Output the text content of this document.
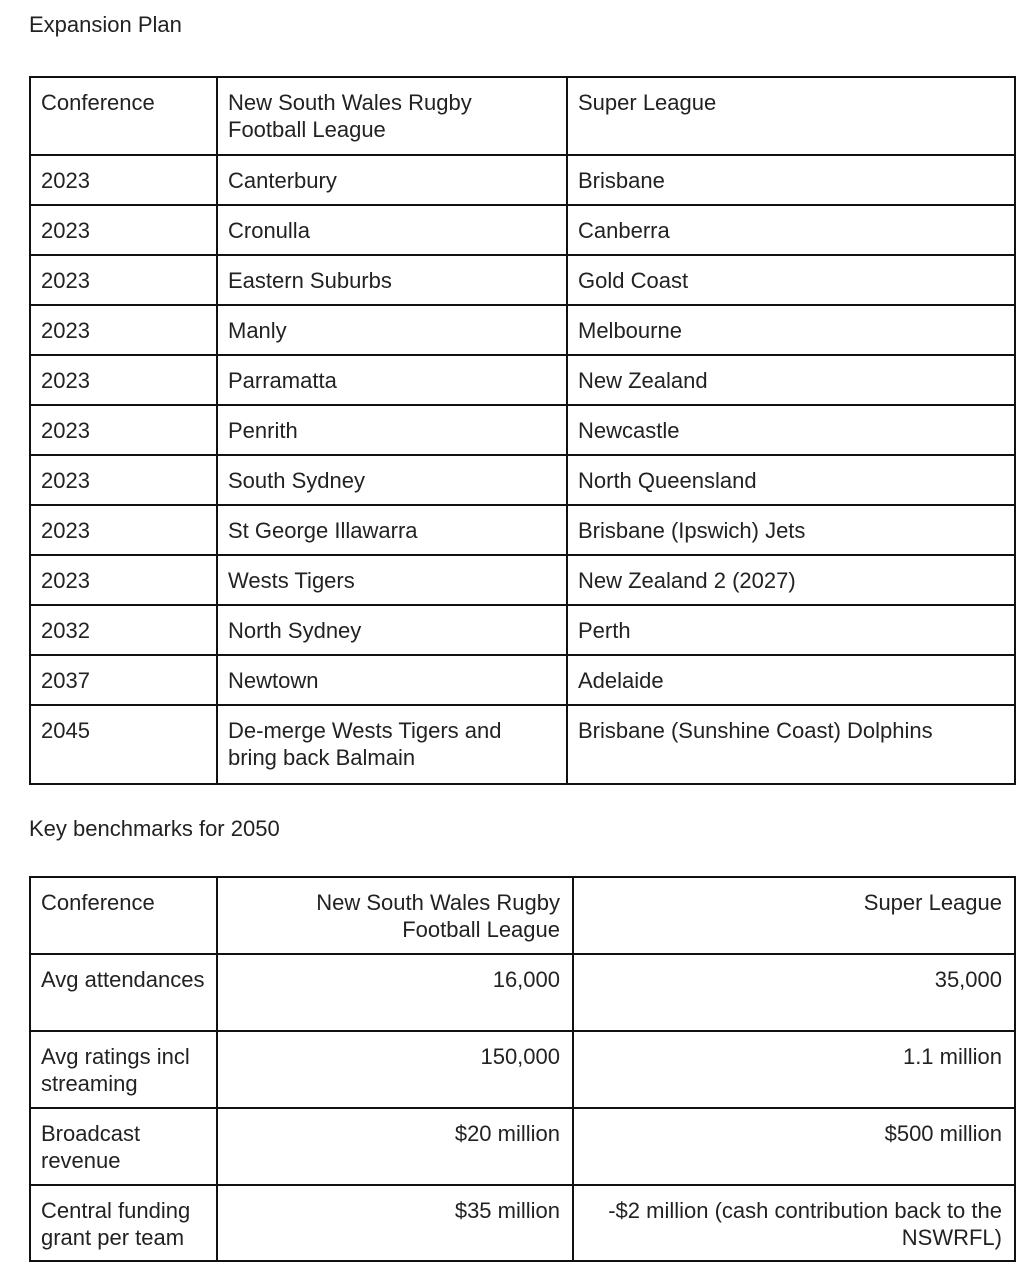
Expansion Plan
Conference	New South Wales Rugby Football League	Super League
2023	Canterbury	Brisbane
2023	Cronulla	Canberra
2023	Eastern Suburbs	Gold Coast
2023	Manly	Melbourne
2023	Parramatta	New Zealand
2023	Penrith	Newcastle
2023	South Sydney	North Queensland
2023	St George Illawarra	Brisbane (Ipswich) Jets
2023	Wests Tigers	New Zealand 2 (2027)
2032	North Sydney	Perth
2037	Newtown	Adelaide
2045	De-merge Wests Tigers and bring back Balmain	Brisbane (Sunshine Coast) Dolphins
Key benchmarks for 2050
Conference	New South Wales Rugby Football League	Super League
Avg attendances	16,000	35,000
Avg ratings incl streaming	150,000	1.1 million
Broadcast revenue	$20 million	$500 million
Central funding grant per team	$35 million	-$2 million (cash contribution back to the NSWRFL)
